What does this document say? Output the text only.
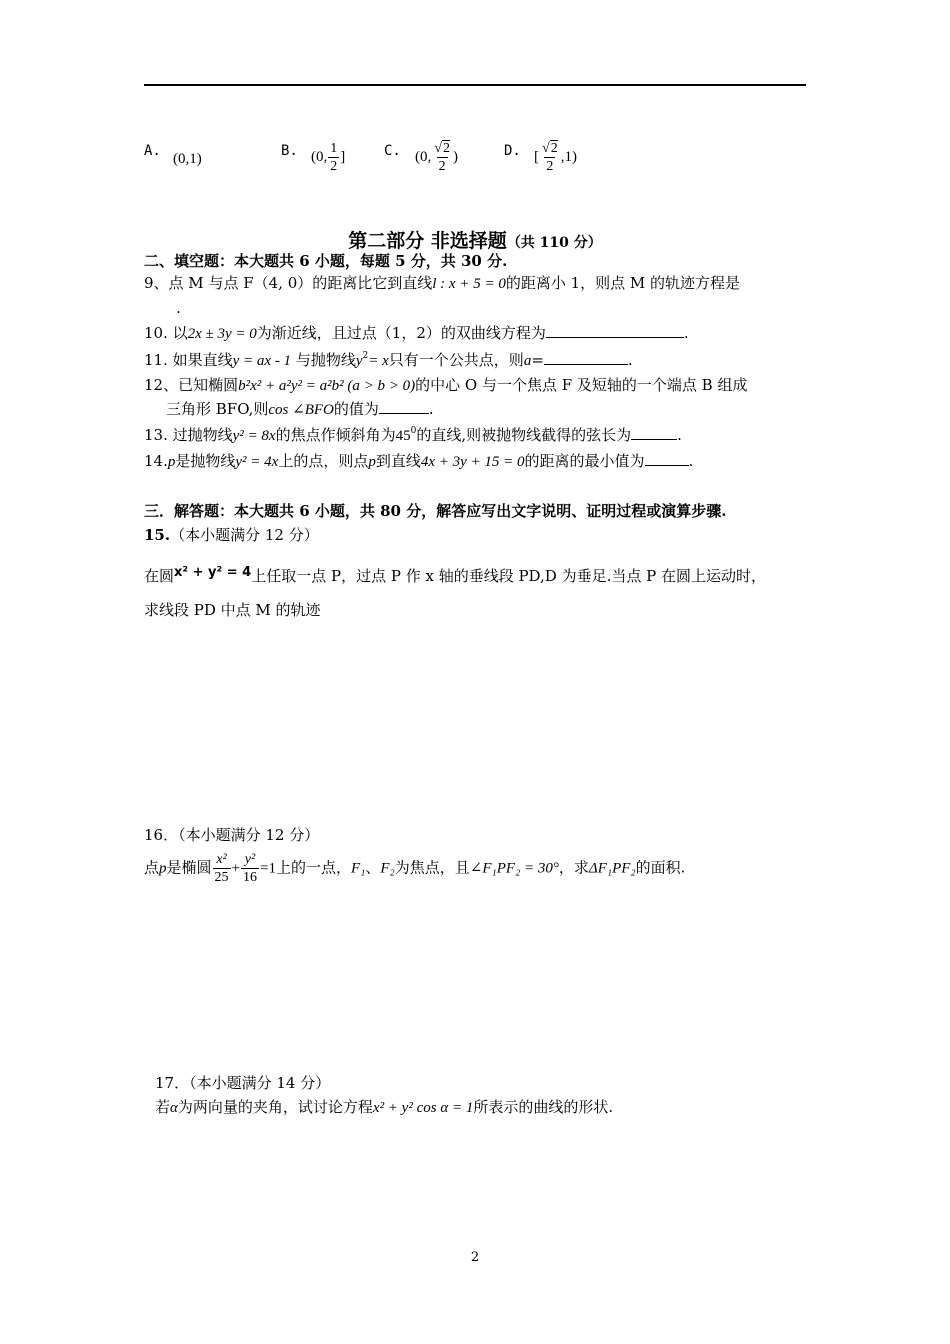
A. (0,1)	B. (0, $\frac{1}{2}$ ]	C. (0, $\frac{√2}{2}$ )	D. [ $\frac{√2}{2} ,1$)
第二部分 非选择题（共 110 分）
二、填空题：本大题共 6 小题，每题 5 分，共 30 分.
9、点 M 与点 F（4, 0）的距离比它到直线l : x + 5 = 0的距离小 1，则点 M 的轨迹方程是
.
10. 以2x ± 3y = 0为渐近线，且过点（1，2）的双曲线方程为	.
11. 如果直线y = ax - 1 与抛物线$y^2= x$只有一个公共点，则a=	.
12、已知椭圆b²x² + a²y² = a²b² (a > b > 0)的中心 O 与一个焦点 F 及短轴的一个端点 B 组成
三角形 BFO,则cos ∠BFO的值为	.
13. 过抛物线y² = 8x的焦点作倾斜角为$45^0$的直线,则被抛物线截得的弦长为	.
14.p是抛物线y² = 4x上的点，则点p到直线4x + 3y + 15 = 0的距离的最小值为	.
三．解答题：本大题共 6 小题，共 80 分，解答应写出文字说明、证明过程或演算步骤.
15.（本小题满分 12 分）
在圆x² + y² = 4上任取一点 P，过点 P 作 x 轴的垂线段 PD,D 为垂足.当点 P 在圆上运动时，
求线段 PD 中点 M 的轨迹
16．（本小题满分 12 分）
点p是椭圆 $\frac{\text{x²}}{25} + \frac{\text{y²}}{16} =1$上的一点，F₁、F₂为焦点，且∠F₁PF₂ = 30°，求ΔF₁PF₂的面积.
17．（本小题满分 14 分）
若α为两向量的夹角，试讨论方程x² + y² cos α = 1所表示的曲线的形状.
2
